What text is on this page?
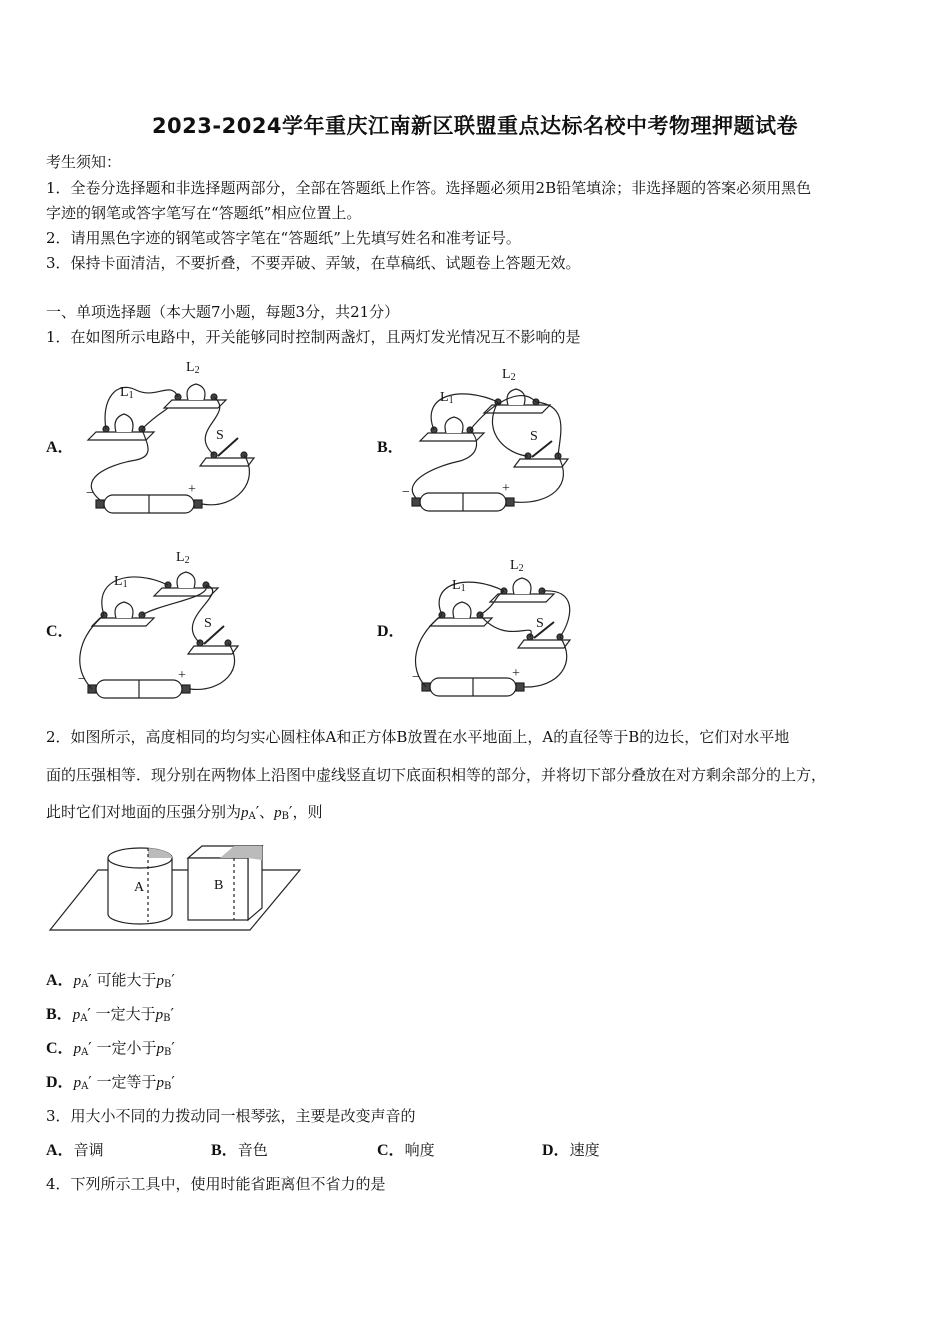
2023-2024学年重庆江南新区联盟重点达标名校中考物理押题试卷
考生须知：
1．全卷分选择题和非选择题两部分，全部在答题纸上作答。选择题必须用2B铅笔填涂；非选择题的答案必须用黑色
字迹的钢笔或答字笔写在“答题纸”相应位置上。
2．请用黑色字迹的钢笔或答字笔在“答题纸”上先填写姓名和准考证号。
3．保持卡面清洁，不要折叠，不要弄破、弄皱，在草稿纸、试题卷上答题无效。
一、单项选择题（本大题7小题，每题3分，共21分）
1．在如图所示电路中，开关能够同时控制两盏灯，且两灯发光情况互不影响的是
A．	B．
C．	D．
$L_1$
$L_2$
S
−	+
$L_1$
$L_2$
S
−	+
$L_1$
$L_2$
S
−	+
$L_1$
$L_2$
S
−	+
2．如图所示，高度相同的均匀实心圆柱体A和正方体B放置在水平地面上，A的直径等于B的边长，它们对水平地
面的压强相等．现分别在两物体上沿图中虚线竖直切下底面积相等的部分，并将切下部分叠放在对方剩余部分的上方，
此时它们对地面的压强分别为$p_A'$、$p_B'$，则
A	B
A．$p_A'$ 可能大于$p_B'$
B．$p_A'$ 一定大于$p_B'$
C．$p_A'$ 一定小于$p_B'$
D．$p_A'$ 一定等于$p_B'$
3．用大小不同的力拨动同一根琴弦，主要是改变声音的
A．音调	B．音色	C．响度	D．速度
4．下列所示工具中，使用时能省距离但不省力的是
